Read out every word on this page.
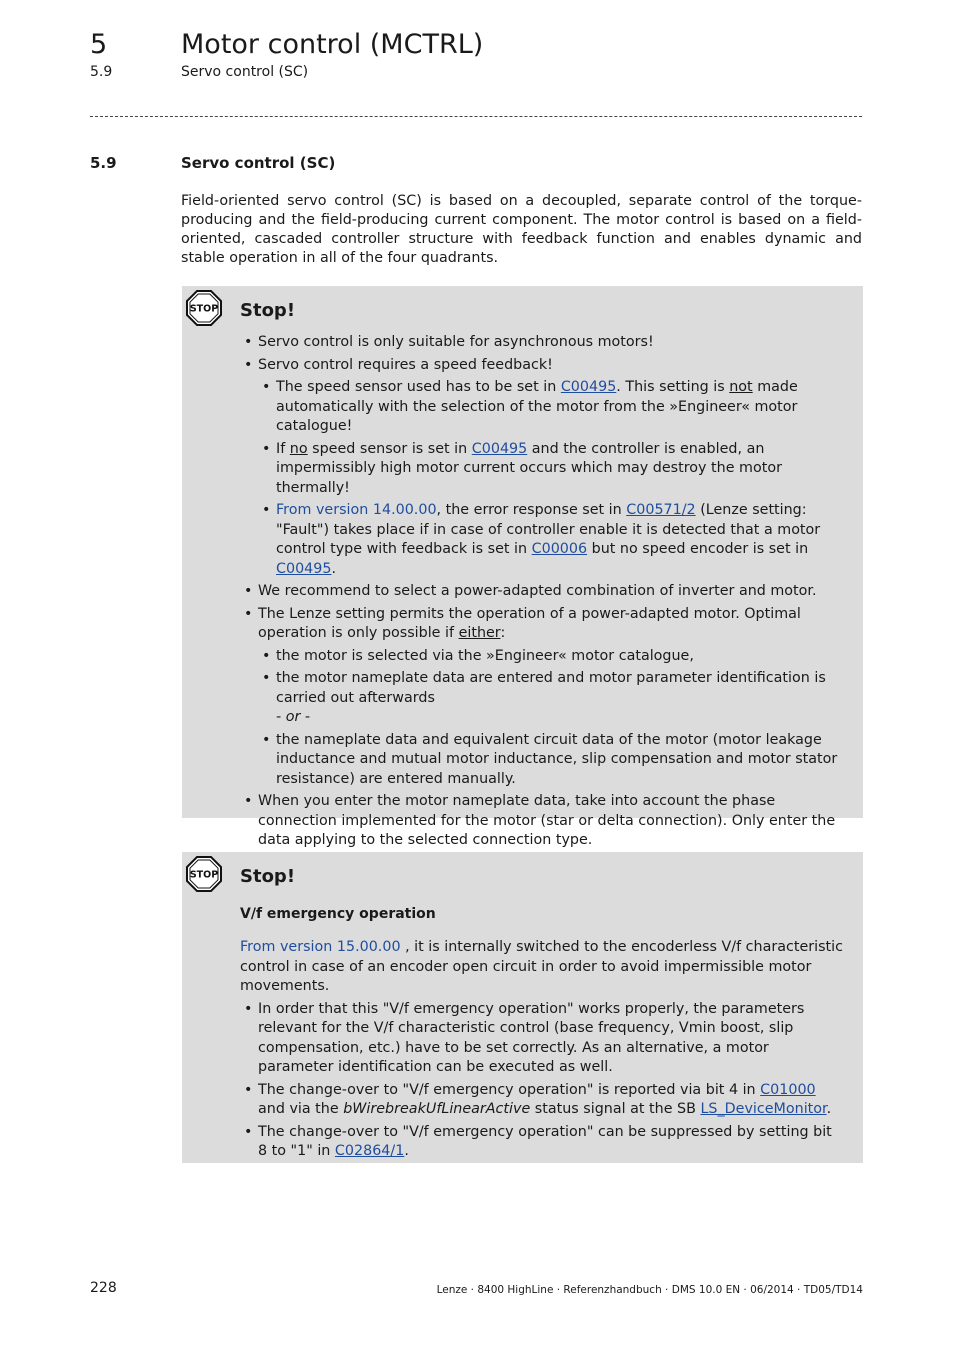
5	Motor control (MCTRL)
5.9	Servo control (SC)
5.9	Servo control (SC)

Field-oriented servo control (SC) is based on a decoupled, separate control of the torque-producing and the field-producing current component. The motor control is based on a field-oriented, cascaded controller structure with feedback function and enables dynamic and stable operation in all of the four quadrants.

STOP Stop!
• Servo control is only suitable for asynchronous motors!
• Servo control requires a speed feedback!
• The speed sensor used has to be set in C00495. This setting is not made automatically with the selection of the motor from the »Engineer« motor catalogue!
• If no speed sensor is set in C00495 and the controller is enabled, an impermissibly high motor current occurs which may destroy the motor thermally!
• From version 14.00.00, the error response set in C00571/2 (Lenze setting: "Fault") takes place if in case of controller enable it is detected that a motor control type with feedback is set in C00006 but no speed encoder is set in C00495.
• We recommend to select a power-adapted combination of inverter and motor.
• The Lenze setting permits the operation of a power-adapted motor. Optimal operation is only possible if either:
• the motor is selected via the »Engineer« motor catalogue,
• the motor nameplate data are entered and motor parameter identification is carried out afterwards
- or -
• the nameplate data and equivalent circuit data of the motor (motor leakage inductance and mutual motor inductance, slip compensation and motor stator resistance) are entered manually.
• When you enter the motor nameplate data, take into account the phase connection implemented for the motor (star or delta connection). Only enter the data applying to the selected connection type.
STOP Stop!
V/f emergency operation
From version 15.00.00 , it is internally switched to the encoderless V/f characteristic control in case of an encoder open circuit in order to avoid impermissible motor movements.
• In order that this "V/f emergency operation" works properly, the parameters relevant for the V/f characteristic control (base frequency, Vmin boost, slip compensation, etc.) have to be set correctly. As an alternative, a motor parameter identification can be executed as well.
• The change-over to "V/f emergency operation" is reported via bit 4 in C01000 and via the bWirebreakUfLinearActive status signal at the SB LS_DeviceMonitor.
• The change-over to "V/f emergency operation" can be suppressed by setting bit 8 to "1" in C02864/1.
228	Lenze · 8400 HighLine · Referenzhandbuch · DMS 10.0 EN · 06/2014 · TD05/TD14
